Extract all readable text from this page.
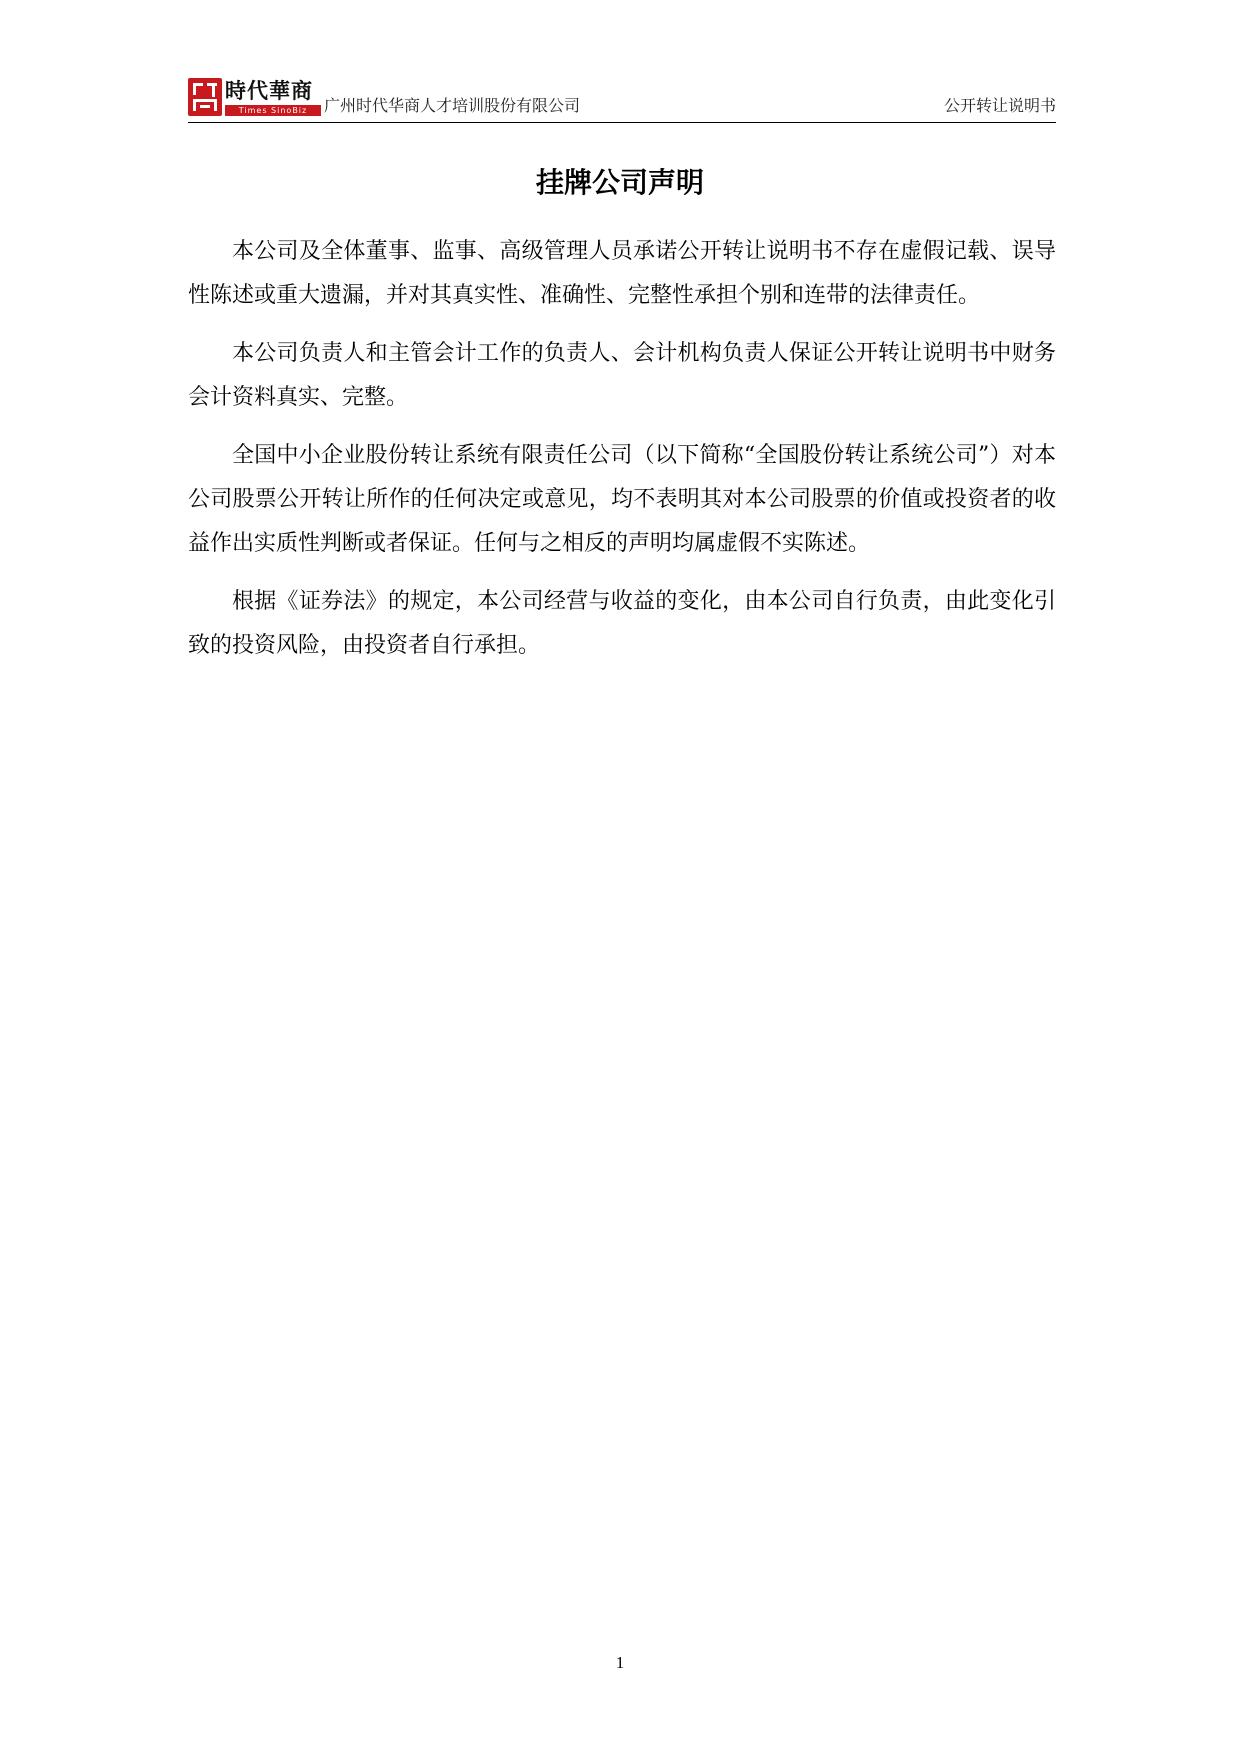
時代華商
Times SinoBiz	广州时代华商人才培训股份有限公司	公开转让说明书
挂牌公司声明

本公司及全体董事、监事、高级管理人员承诺公开转让说明书不存在虚假记载、误导性陈述或重大遗漏，并对其真实性、准确性、完整性承担个别和连带的法律责任。

本公司负责人和主管会计工作的负责人、会计机构负责人保证公开转让说明书中财务会计资料真实、完整。

全国中小企业股份转让系统有限责任公司（以下简称“全国股份转让系统公司”）对本公司股票公开转让所作的任何决定或意见，均不表明其对本公司股票的价值或投资者的收益作出实质性判断或者保证。任何与之相反的声明均属虚假不实陈述。

根据《证券法》的规定，本公司经营与收益的变化，由本公司自行负责，由此变化引致的投资风险，由投资者自行承担。

1
